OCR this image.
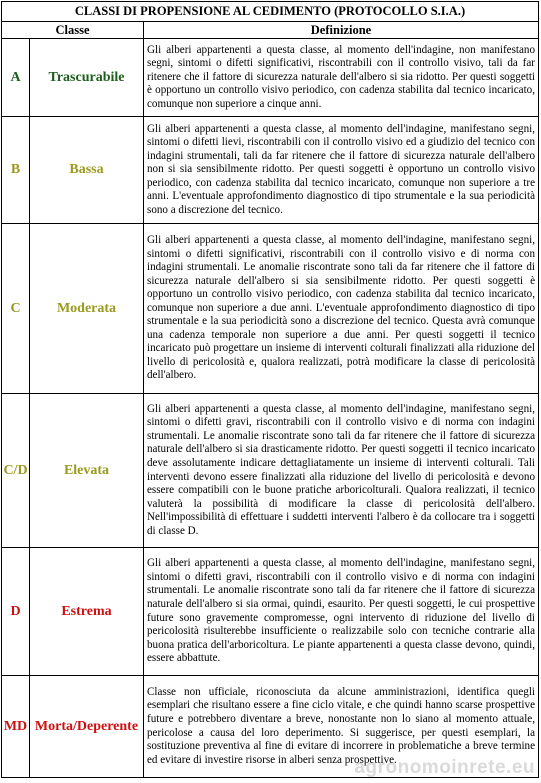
CLASSI DI PROPENSIONE AL CEDIMENTO (PROTOCOLLO S.I.A.)		
Classe		Definizione
A	Trascurabile	Gli alberi appartenenti a questa classe, al momento dell'indagine, non manifestano segni, sintomi o difetti significativi, riscontrabili con il controllo visivo, tali da far ritenere che il fattore di sicurezza naturale dell'albero si sia ridotto. Per questi soggetti è opportuno un controllo visivo periodico, con cadenza stabilita dal tecnico incaricato, comunque non superiore a cinque anni.
B	Bassa	Gli alberi appartenenti a questa classe, al momento dell'indagine, manifestano segni, sintomi o difetti lievi, riscontrabili con il controllo visivo ed a giudizio del tecnico con indagini strumentali, tali da far ritenere che il fattore di sicurezza naturale dell'albero non si sia sensibilmente ridotto. Per questi soggetti è opportuno un controllo visivo periodico, con cadenza stabilita dal tecnico incaricato, comunque non superiore a tre anni. L'eventuale approfondimento diagnostico di tipo strumentale e la sua periodicità sono a discrezione del tecnico.
C	Moderata	Gli alberi appartenenti a questa classe, al momento dell'indagine, manifestano segni, sintomi o difetti significativi, riscontrabili con il controllo visivo e di norma con indagini strumentali. Le anomalie riscontrate sono tali da far ritenere che il fattore di sicurezza naturale dell'albero si sia sensibilmente ridotto. Per questi soggetti è opportuno un controllo visivo periodico, con cadenza stabilita dal tecnico incaricato, comunque non superiore a due anni. L'eventuale approfondimento diagnostico di tipo strumentale e la sua periodicità sono a discrezione del tecnico. Questa avrà comunque una cadenza temporale non superiore a due anni. Per questi soggetti il tecnico incaricato può progettare un insieme di interventi colturali finalizzati alla riduzione del livello di pericolosità e, qualora realizzati, potrà modificare la classe di pericolosità dell'albero.
C/D	Elevata	Gli alberi appartenenti a questa classe, al momento dell'indagine, manifestano segni, sintomi o difetti gravi, riscontrabili con il controllo visivo e di norma con indagini strumentali. Le anomalie riscontrate sono tali da far ritenere che il fattore di sicurezza naturale dell'albero si sia drasticamente ridotto. Per questi soggetti il tecnico incaricato deve assolutamente indicare dettagliatamente un insieme di interventi colturali. Tali interventi devono essere finalizzati alla riduzione del livello di pericolosità e devono essere compatibili con le buone pratiche arboricolturali. Qualora realizzati, il tecnico valuterà la possibilità di modificare la classe di pericolosità dell'albero. Nell'impossibilità di effettuare i suddetti interventi l'albero è da collocare tra i soggetti di classe D.
D	Estrema	Gli alberi appartenenti a questa classe, al momento dell'indagine, manifestano segni, sintomi o difetti gravi, riscontrabili con il controllo visivo e di norma con indagini strumentali. Le anomalie riscontrate sono tali da far ritenere che il fattore di sicurezza naturale dell'albero si sia ormai, quindi, esaurito. Per questi soggetti, le cui prospettive future sono gravemente compromesse, ogni intervento di riduzione del livello di pericolosità risulterebbe insufficiente o realizzabile solo con tecniche contrarie alla buona pratica dell'arboricoltura. Le piante appartenenti a questa classe devono, quindi, essere abbattute.
MD	Morta/Deperente	Classe non ufficiale, riconosciuta da alcune amministrazioni, identifica quegli esemplari che risultano essere a fine ciclo vitale, e che quindi hanno scarse prospettive future e potrebbero diventare a breve, nonostante non lo siano al momento attuale, pericolose a causa del loro deperimento. Si suggerisce, per questi esemplari, la sostituzione preventiva al fine di evitare di incorrere in problematiche a breve termine ed evitare di investire risorse in alberi senza prospettive.
agronomoinrete.eu
